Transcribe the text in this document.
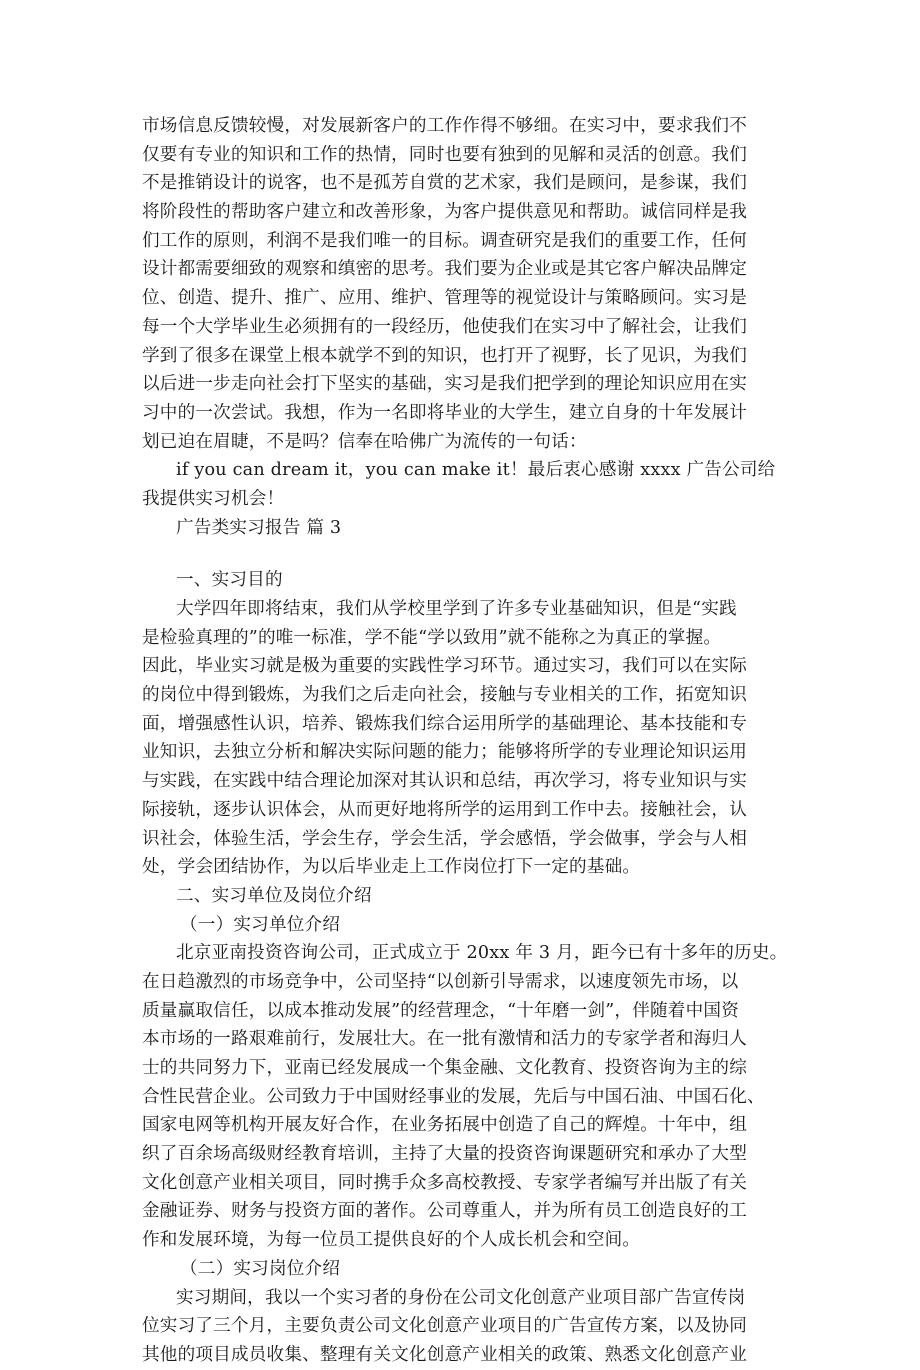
市场信息反馈较慢，对发展新客户的工作作得不够细。在实习中，要求我们不
仅要有专业的知识和工作的热情，同时也要有独到的见解和灵活的创意。我们
不是推销设计的说客，也不是孤芳自赏的艺术家，我们是顾问，是参谋，我们
将阶段性的帮助客户建立和改善形象，为客户提供意见和帮助。诚信同样是我
们工作的原则，利润不是我们唯一的目标。调查研究是我们的重要工作，任何
设计都需要细致的观察和缜密的思考。我们要为企业或是其它客户解决品牌定
位、创造、提升、推广、应用、维护、管理等的视觉设计与策略顾问。实习是
每一个大学毕业生必须拥有的一段经历，他使我们在实习中了解社会，让我们
学到了很多在课堂上根本就学不到的知识，也打开了视野，长了见识，为我们
以后进一步走向社会打下坚实的基础，实习是我们把学到的理论知识应用在实
习中的一次尝试。我想，作为一名即将毕业的大学生，建立自身的十年发展计
划已迫在眉睫，不是吗？信奉在哈佛广为流传的一句话：
if you can dream it，you can make it！最后衷心感谢 xxxx 广告公司给
我提供实习机会！
广告类实习报告 篇 3
一、实习目的
大学四年即将结束，我们从学校里学到了许多专业基础知识，但是“实践
是检验真理的”的唯一标准，学不能“学以致用”就不能称之为真正的掌握。
因此，毕业实习就是极为重要的实践性学习环节。通过实习，我们可以在实际
的岗位中得到锻炼，为我们之后走向社会，接触与专业相关的工作，拓宽知识
面，增强感性认识，培养、锻炼我们综合运用所学的基础理论、基本技能和专
业知识，去独立分析和解决实际问题的能力；能够将所学的专业理论知识运用
与实践，在实践中结合理论加深对其认识和总结，再次学习，将专业知识与实
际接轨，逐步认识体会，从而更好地将所学的运用到工作中去。接触社会，认
识社会，体验生活，学会生存，学会生活，学会感悟，学会做事，学会与人相
处，学会团结协作，为以后毕业走上工作岗位打下一定的基础。
二、实习单位及岗位介绍
（一）实习单位介绍
北京亚南投资咨询公司，正式成立于 20xx 年 3 月，距今已有十多年的历史。
在日趋激烈的市场竞争中，公司坚持“以创新引导需求，以速度领先市场，以
质量赢取信任，以成本推动发展”的经营理念，“十年磨一剑”，伴随着中国资
本市场的一路艰难前行，发展壮大。在一批有激情和活力的专家学者和海归人
士的共同努力下，亚南已经发展成一个集金融、文化教育、投资咨询为主的综
合性民营企业。公司致力于中国财经事业的发展，先后与中国石油、中国石化、
国家电网等机构开展友好合作，在业务拓展中创造了自己的辉煌。十年中，组
织了百余场高级财经教育培训，主持了大量的投资咨询课题研究和承办了大型
文化创意产业相关项目，同时携手众多高校教授、专家学者编写并出版了有关
金融证券、财务与投资方面的著作。公司尊重人，并为所有员工创造良好的工
作和发展环境，为每一位员工提供良好的个人成长机会和空间。
（二）实习岗位介绍
实习期间，我以一个实习者的身份在公司文化创意产业项目部广告宣传岗
位实习了三个月，主要负责公司文化创意产业项目的广告宣传方案，以及协同
其他的项目成员收集、整理有关文化创意产业相关的政策、熟悉文化创意产业
